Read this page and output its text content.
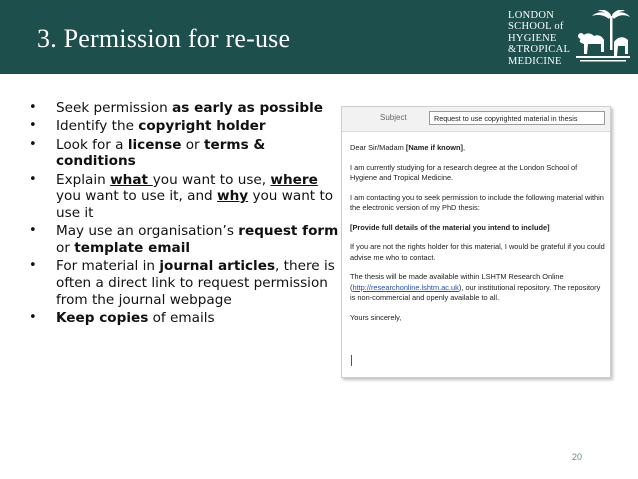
3. Permission for re-use
LONDON
SCHOOL of
HYGIENE
&TROPICAL
MEDICINE
• Seek permission as early as possible
• Identify the copyright holder
• Look for a license or terms & conditions
• Explain what you want to use, where you want to use it, and why you want to use it
• May use an organisation’s request form or template email
• For material in journal articles, there is often a direct link to request permission from the journal webpage
• Keep copies of emails
Subject	Request to use copyrighted material in thesis

Dear Sir/Madam [Name if known],

I am currently studying for a research degree at the London School of Hygiene and Tropical Medicine.

I am contacting you to seek permission to include the following material within the electronic version of my PhD thesis:

[Provide full details of the material you intend to include]

If you are not the rights holder for this material, I would be grateful if you could advise me who to contact.

The thesis will be made available within LSHTM Research Online (http://researchonline.lshtm.ac.uk), our institutional repository. The repository is non-commercial and openly available to all.

Yours sincerely,

20
